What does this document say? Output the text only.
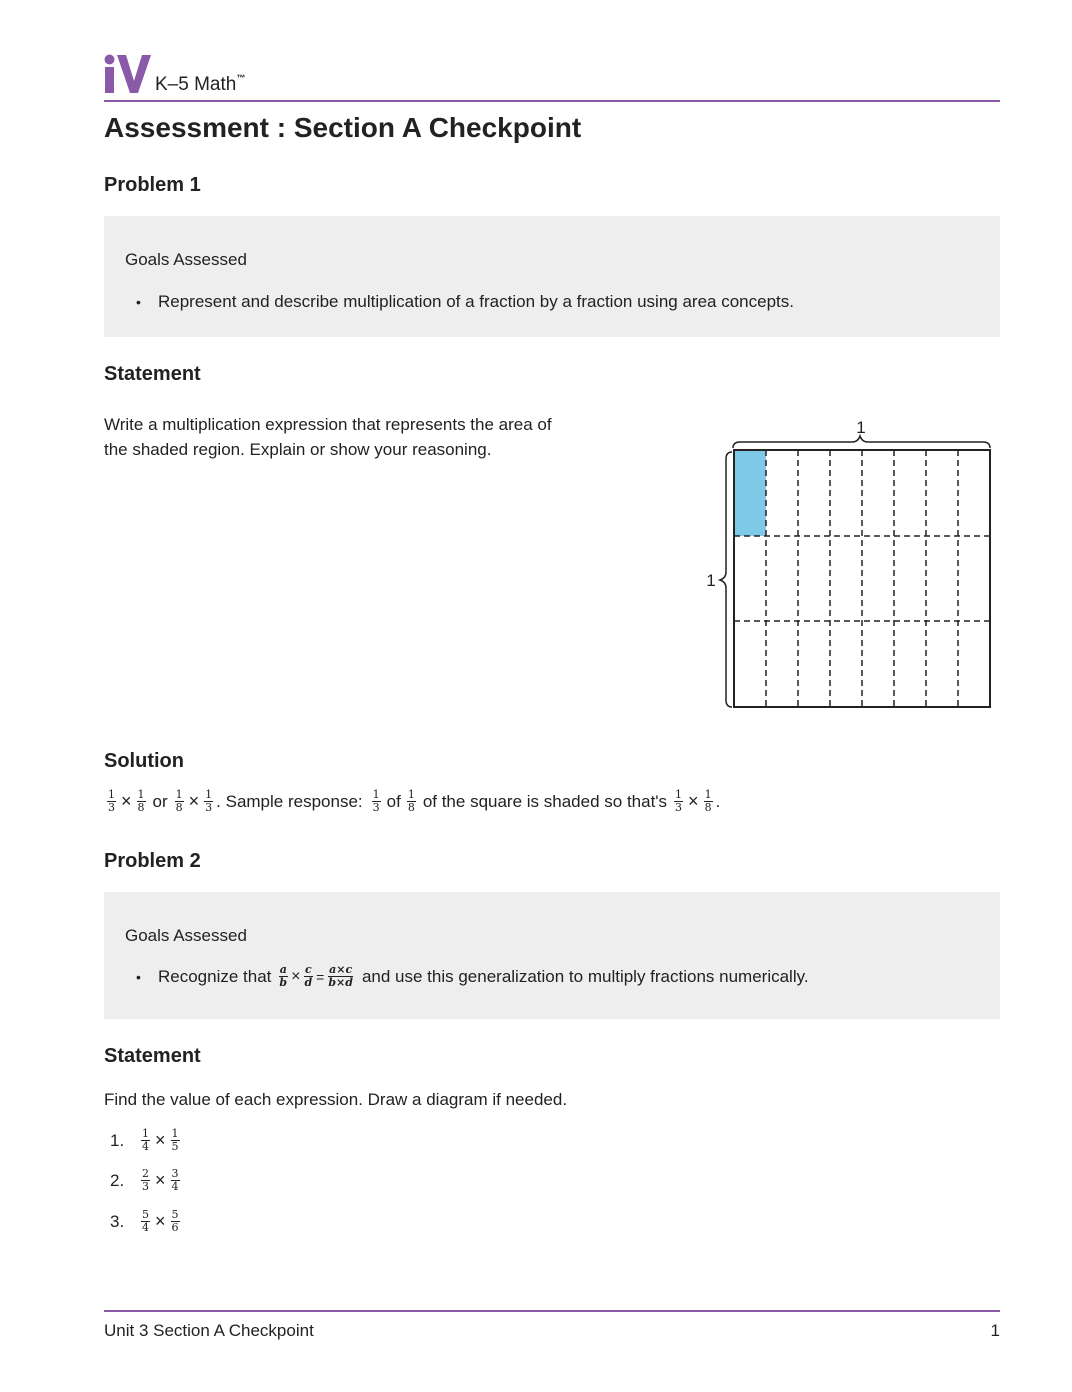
K–5 Math™
Assessment : Section A Checkpoint
Problem 1
Goals Assessed
•	Represent and describe multiplication of a fraction by a fraction using area concepts.
Statement
Write a multiplication expression that represents the area of
the shaded region. Explain or show your reasoning.
1
1
Solution
$\frac{1}{3} \times \frac{1}{8}$ or $\frac{1}{8} \times \frac{1}{3}$ . Sample response: $\frac{1}{3}$ of $\frac{1}{8}$ of the square is shaded so that's $\frac{1}{3} \times \frac{1}{8}$ .
Problem 2
Goals Assessed
•	Recognize that $\frac{a}{b} \times \frac{c}{d} = \frac{a\times c}{b\times d}$ and use this generalization to multiply fractions numerically.
Statement
Find the value of each expression. Draw a diagram if needed.
1.	$\frac{1}{4} \times \frac{1}{5}$
2.	$\frac{2}{3} \times \frac{3}{4}$
3.	$\frac{5}{4} \times \frac{5}{6}$
Unit 3 Section A Checkpoint	1
